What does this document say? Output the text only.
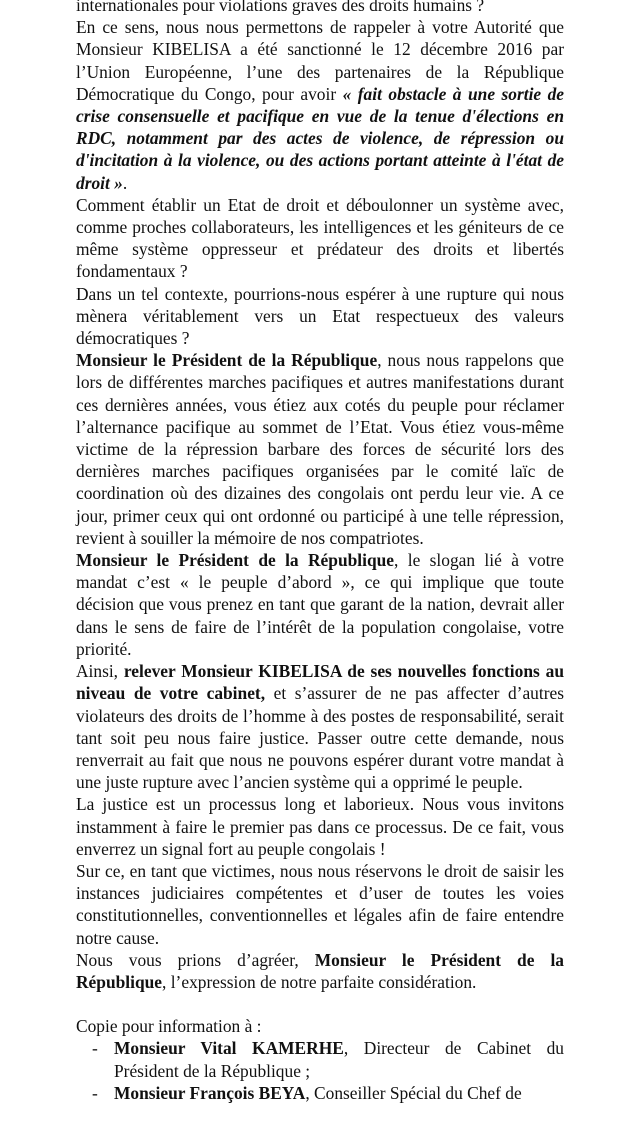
internationales pour violations graves des droits humains ?

En ce sens, nous nous permettons de rappeler à votre Autorité que Monsieur KIBELISA a été sanctionné le 12 décembre 2016 par l’Union Européenne, l’une des partenaires de la République Démocratique du Congo, pour avoir « fait obstacle à une sortie de crise consensuelle et pacifique en vue de la tenue d'élections en RDC, notamment par des actes de violence, de répression ou d'incitation à la violence, ou des actions portant atteinte à l'état de droit ».

Comment établir un Etat de droit et déboulonner un système avec, comme proches collaborateurs, les intelligences et les géniteurs de ce même système oppresseur et prédateur des droits et libertés fondamentaux ?

Dans un tel contexte, pourrions-nous espérer à une rupture qui nous mènera véritablement vers un Etat respectueux des valeurs démocratiques ?

Monsieur le Président de la République, nous nous rappelons que lors de différentes marches pacifiques et autres manifestations durant ces dernières années, vous étiez aux cotés du peuple pour réclamer l’alternance pacifique au sommet de l’Etat. Vous étiez vous-même victime de la répression barbare des forces de sécurité lors des dernières marches pacifiques organisées par le comité laïc de coordination où des dizaines des congolais ont perdu leur vie. A ce jour, primer ceux qui ont ordonné ou participé à une telle répression, revient à souiller la mémoire de nos compatriotes.

Monsieur le Président de la République, le slogan lié à votre mandat c’est « le peuple d’abord », ce qui implique que toute décision que vous prenez en tant que garant de la nation, devrait aller dans le sens de faire de l’intérêt de la population congolaise, votre priorité.

Ainsi, relever Monsieur KIBELISA de ses nouvelles fonctions au niveau de votre cabinet, et s’assurer de ne pas affecter d’autres violateurs des droits de l’homme à des postes de responsabilité, serait tant soit peu nous faire justice. Passer outre cette demande, nous renverrait au fait que nous ne pouvons espérer durant votre mandat à une juste rupture avec l’ancien système qui a opprimé le peuple.

La justice est un processus long et laborieux. Nous vous invitons instamment à faire le premier pas dans ce processus. De ce fait, vous enverrez un signal fort au peuple congolais !

Sur ce, en tant que victimes, nous nous réservons le droit de saisir les instances judiciaires compétentes et d’user de toutes les voies constitutionnelles, conventionnelles et légales afin de faire entendre notre cause.

Nous vous prions d’agréer, Monsieur le Président de la République, l’expression de notre parfaite considération.

Copie pour information à :

- Monsieur Vital KAMERHE, Directeur de Cabinet du Président de la République ;
- Monsieur François BEYA, Conseiller Spécial du Chef de
